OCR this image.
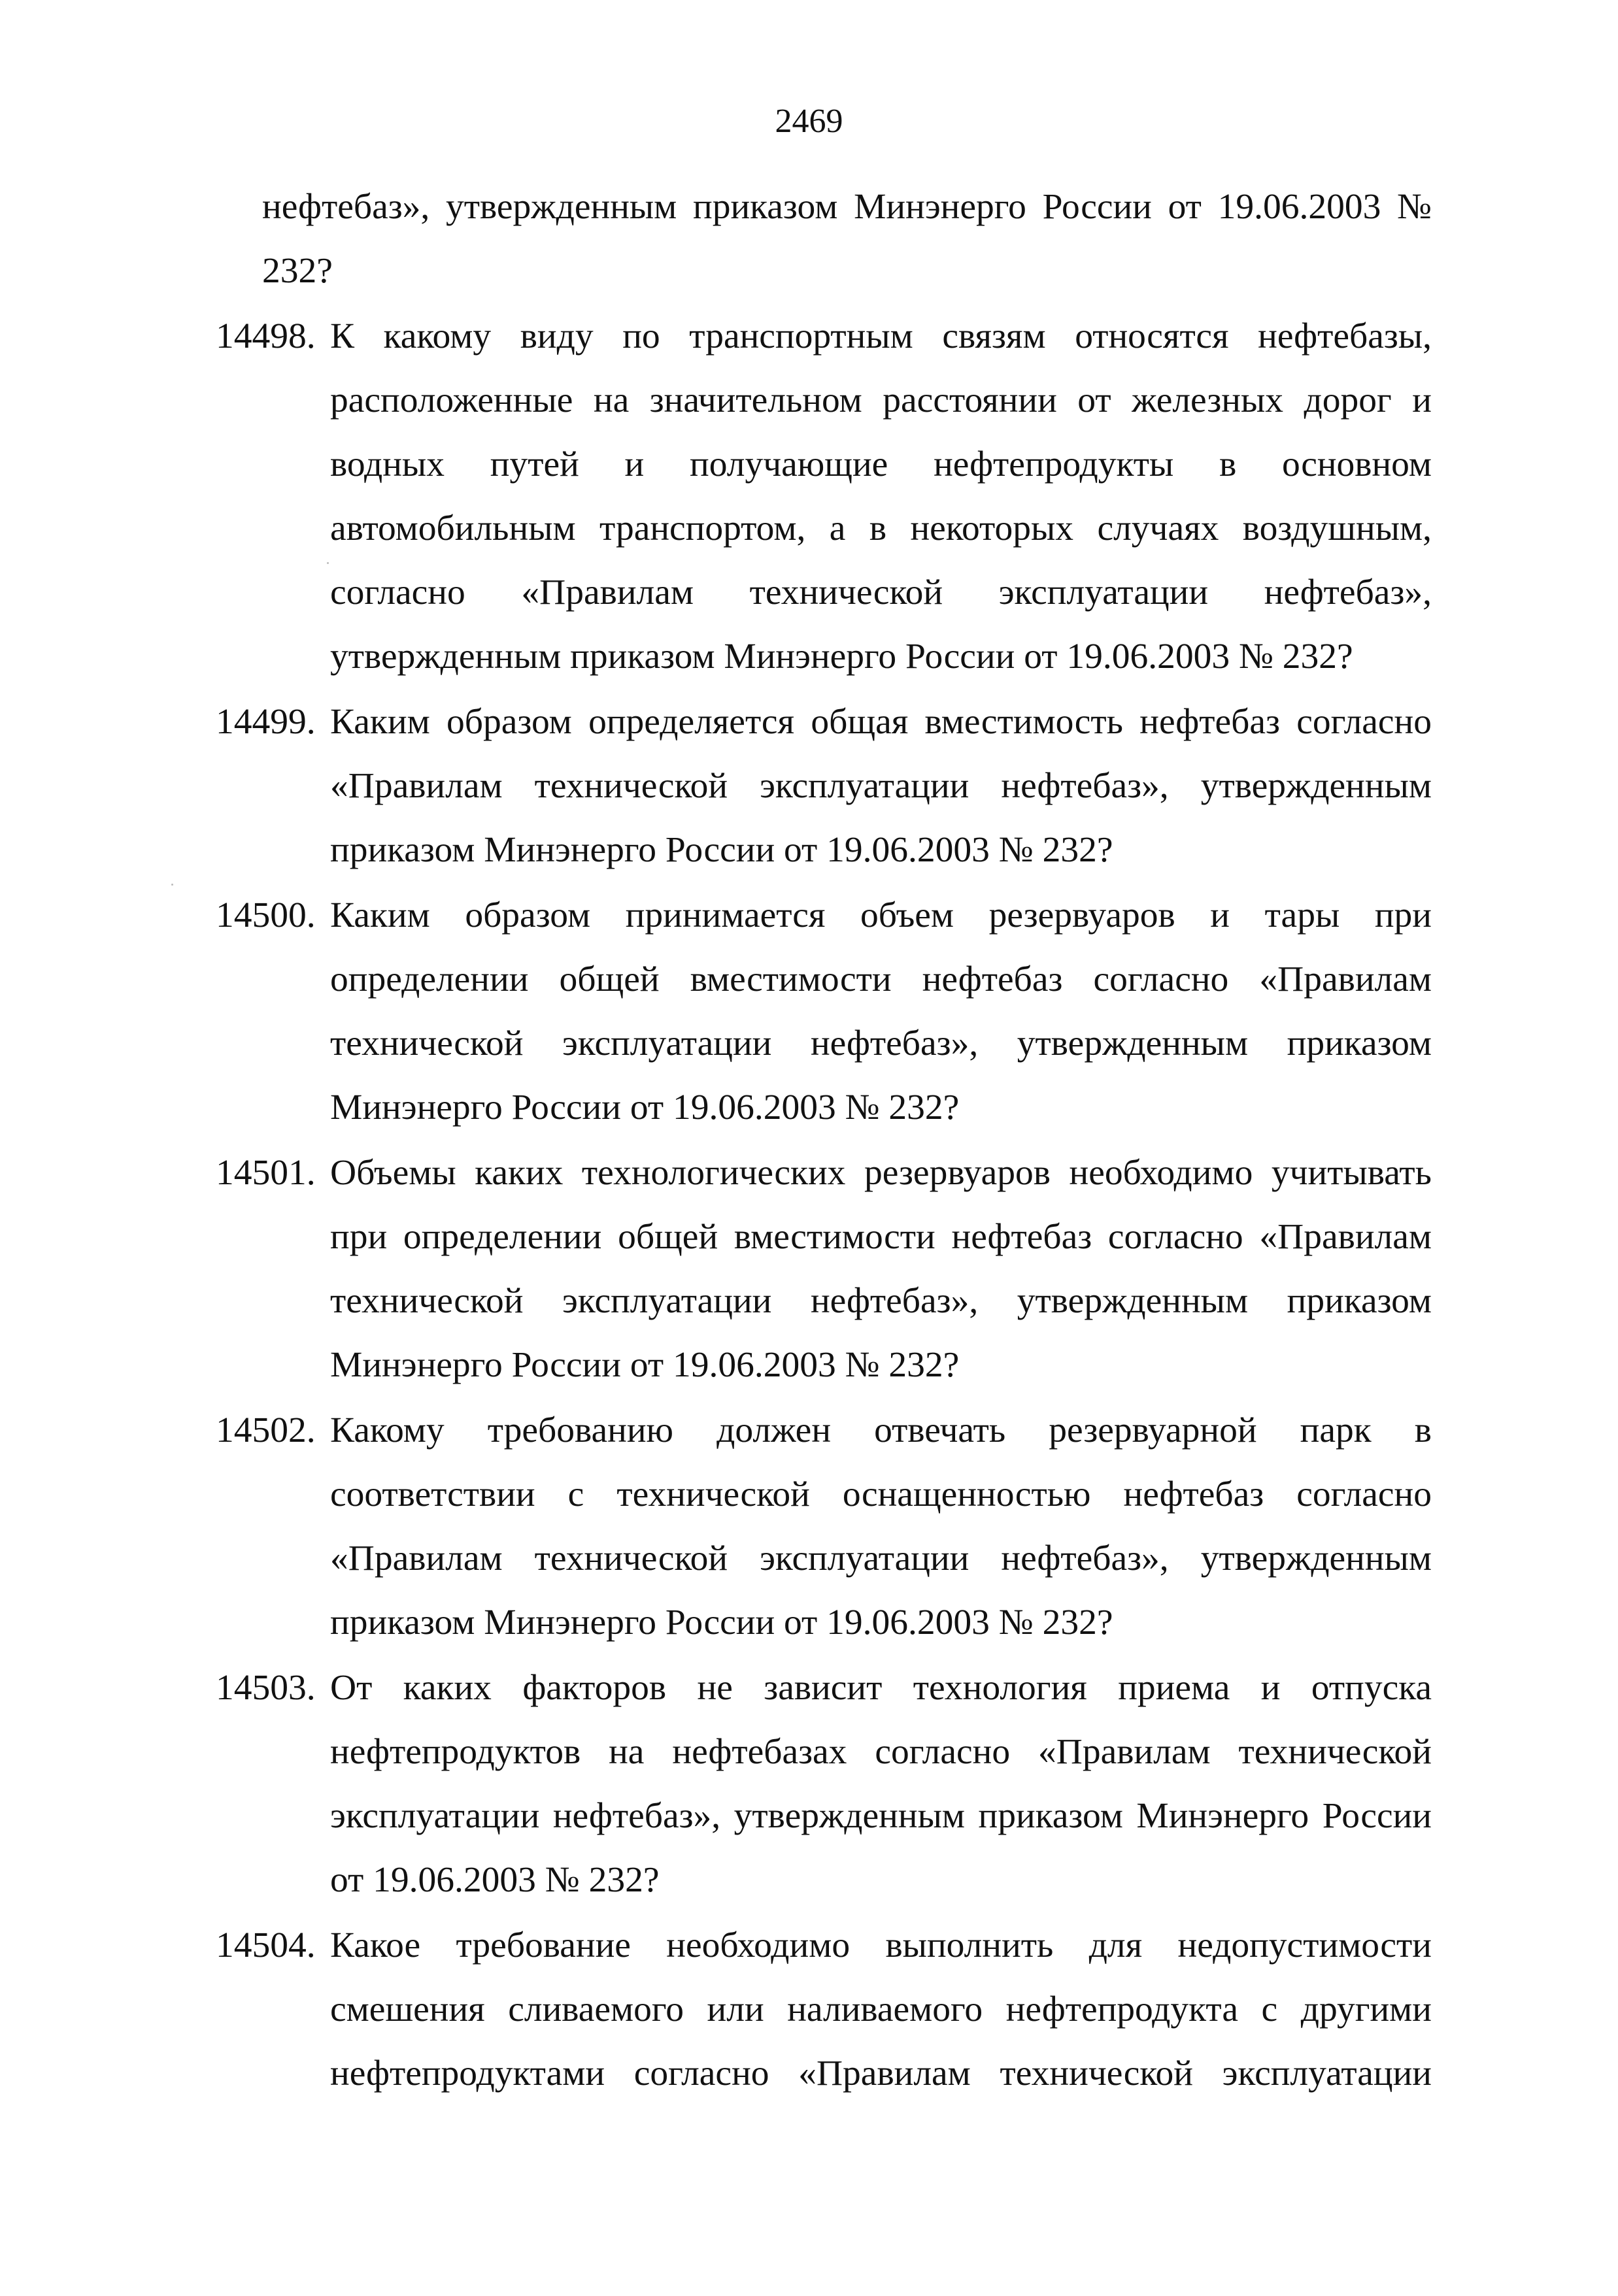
2469

нефтебаз», утвержденным приказом Минэнерго России от 19.06.2003 № 232?

14498. К какому виду по транспортным связям относятся нефтебазы, расположенные на значительном расстоянии от железных дорог и водных путей и получающие нефтепродукты в основном автомобильным транспортом, а в некоторых случаях воздушным, согласно «Правилам технической эксплуатации нефтебаз», утвержденным приказом Минэнерго России от 19.06.2003 № 232?
14499. Каким образом определяется общая вместимость нефтебаз согласно «Правилам технической эксплуатации нефтебаз», утвержденным приказом Минэнерго России от 19.06.2003 № 232?
14500. Каким образом принимается объем резервуаров и тары при определении общей вместимости нефтебаз согласно «Правилам технической эксплуатации нефтебаз», утвержденным приказом Минэнерго России от 19.06.2003 № 232?
14501. Объемы каких технологических резервуаров необходимо учитывать при определении общей вместимости нефтебаз согласно «Правилам технической эксплуатации нефтебаз», утвержденным приказом Минэнерго России от 19.06.2003 № 232?
14502. Какому требованию должен отвечать резервуарной парк в соответствии с технической оснащенностью нефтебаз согласно «Правилам технической эксплуатации нефтебаз», утвержденным приказом Минэнерго России от 19.06.2003 № 232?
14503. От каких факторов не зависит технология приема и отпуска нефтепродуктов на нефтебазах согласно «Правилам технической эксплуатации нефтебаз», утвержденным приказом Минэнерго России от 19.06.2003 № 232?
14504. Какое требование необходимо выполнить для недопустимости смешения сливаемого или наливаемого нефтепродукта с другими нефтепродуктами согласно «Правилам технической эксплуатации
